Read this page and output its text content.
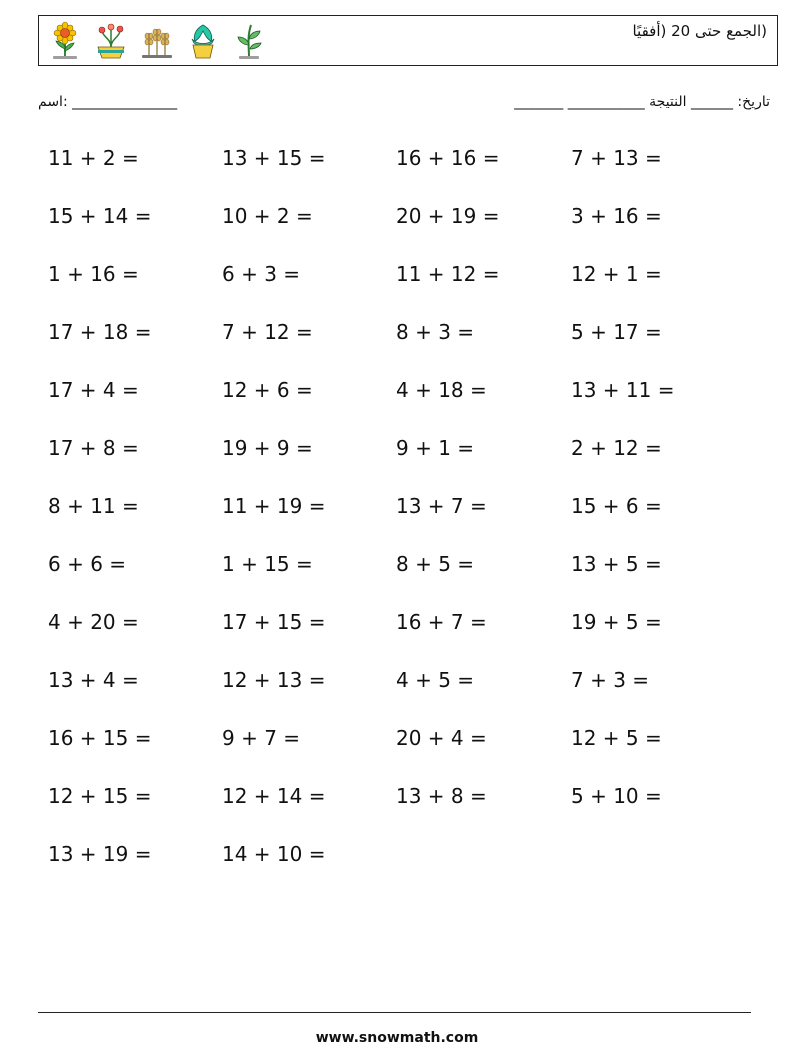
(الجمع حتى 20 (أفقيًا
اسم: _______________	تاريخ: ______ النتيجة ___________ _______
11 + 2 =	13 + 15 =	16 + 16 =	7 + 13 =
15 + 14 =	10 + 2 =	20 + 19 =	3 + 16 =
1 + 16 =	6 + 3 =	11 + 12 =	12 + 1 =
17 + 18 =	7 + 12 =	8 + 3 =	5 + 17 =
17 + 4 =	12 + 6 =	4 + 18 =	13 + 11 =
17 + 8 =	19 + 9 =	9 + 1 =	2 + 12 =
8 + 11 =	11 + 19 =	13 + 7 =	15 + 6 =
6 + 6 =	1 + 15 =	8 + 5 =	13 + 5 =
4 + 20 =	17 + 15 =	16 + 7 =	19 + 5 =
13 + 4 =	12 + 13 =	4 + 5 =	7 + 3 =
16 + 15 =	9 + 7 =	20 + 4 =	12 + 5 =
12 + 15 =	12 + 14 =	13 + 8 =	5 + 10 =
13 + 19 =	14 + 10 =
www.snowmath.com
